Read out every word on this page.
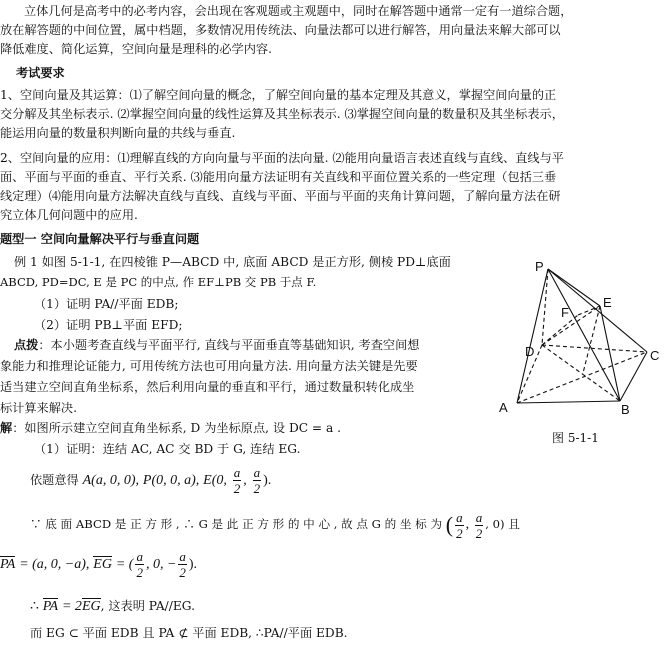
立体几何是高考中的必考内容，会出现在客观题或主观题中，同时在解答题中通常一定有一道综合题，
放在解答题的中间位置，属中档题，多数情况用传统法、向量法都可以进行解答，用向量法来解大部可以
降低难度、简化运算，空间向量是理科的必学内容.
考试要求
1、空间向量及其运算：⑴了解空间向量的概念，了解空间向量的基本定理及其意义，掌握空间向量的正
交分解及其坐标表示. ⑵掌握空间向量的线性运算及其坐标表示. ⑶掌握空间向量的数量积及其坐标表示，
能运用向量的数量积判断向量的共线与垂直.
2、空间向量的应用：⑴理解直线的方向向量与平面的法向量. ⑵能用向量语言表述直线与直线、直线与平
面、平面与平面的垂直、平行关系. ⑶能用向量方法证明有关直线和平面位置关系的一些定理（包括三垂
线定理）⑷能用向量方法解决直线与直线、直线与平面、平面与平面的夹角计算问题，了解向量方法在研
究立体几何问题中的应用.
题型一 空间向量解决平行与垂直问题
例 1 如图 5-1-1, 在四棱锥 P—ABCD 中, 底面 ABCD 是正方形, 侧棱 PD⊥底面
ABCD, PD=DC, E 是 PC 的中点, 作 EF⊥PB 交 PB 于点 F.
（1）证明 PA//平面 EDB;
（2）证明 PB⊥平面 EFD;
点拨：本小题考查直线与平面平行, 直线与平面垂直等基础知识, 考查空间想
象能力和推理论证能力, 可用传统方法也可用向量方法. 用向量方法关键是先要
适当建立空间直角坐标系，然后利用向量的垂直和平行，通过数量积转化成坐
标计算来解决.
解：如图所示建立空间直角坐标系, D 为坐标原点, 设 DC = a .
（1）证明：连结 AC, AC 交 BD 于 G, 连结 EG.
依题意得 A(a, 0, 0), P(0, 0, a), E(0, $\frac{a}{2}$ , $\frac{a}{2}$ ).
∵ 底 面 ABCD 是 正 方 形 , ∴ G 是 此 正 方 形 的 中 心 , 故 点 G 的 坐 标 为 ( $\frac{a}{2}$ , $\frac{a}{2}$ , 0) 且
PA = (a, 0, −a), EG = ( $\frac{a}{2}$ , 0, − $\frac{a}{2}$ ).
∴ PA = 2EG, 这表明 PA//EG.
而 EG ⊂ 平面 EDB 且 PA ⊄ 平面 EDB, ∴PA//平面 EDB.
P
E
F
D	C
A	B
图 5-1-1
